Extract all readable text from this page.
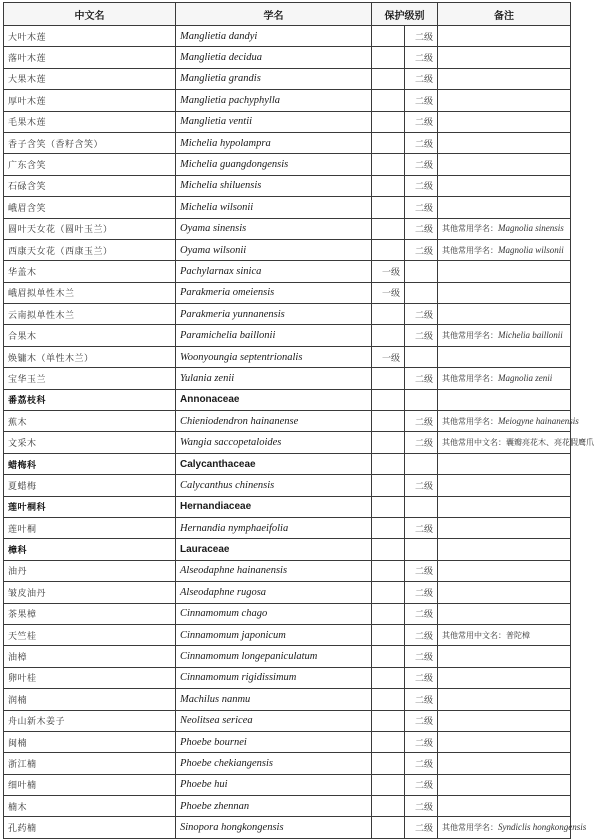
中文名	学名	保护级别		备注
大叶木莲	Manglietia dandyi		二级	
落叶木莲	Manglietia decidua		二级	
大果木莲	Manglietia grandis		二级	
厚叶木莲	Manglietia pachyphylla		二级	
毛果木莲	Manglietia ventii		二级	
香子含笑（香籽含笑）	Michelia hypolampra		二级	
广东含笑	Michelia guangdongensis		二级	
石碌含笑	Michelia shiluensis		二级	
峨眉含笑	Michelia wilsonii		二级	
圆叶天女花（圆叶玉兰）	Oyama sinensis		二级	其他常用学名：Magnolia sinensis
西康天女花（西康玉兰）	Oyama wilsonii		二级	其他常用学名：Magnolia wilsonii
华盖木	Pachylarnax sinica	一级		
峨眉拟单性木兰	Parakmeria omeiensis	一级		
云南拟单性木兰	Parakmeria yunnanensis		二级	
合果木	Paramichelia baillonii		二级	其他常用学名：Michelia baillonii
焕镛木（单性木兰）	Woonyoungia septentrionalis	一级		
宝华玉兰	Yulania zenii		二级	其他常用学名：Magnolia zenii
番荔枝科	Annonaceae			
蕉木	Chieniodendron hainanense		二级	其他常用学名：Meiogyne hainanensis
文采木	Wangia saccopetaloides		二级	其他常用中文名：囊瓣亮花木、亮花假鹰爪
蜡梅科	Calycanthaceae			
夏蜡梅	Calycanthus chinensis		二级	
莲叶桐科	Hernandiaceae			
莲叶桐	Hernandia nymphaeifolia		二级	
樟科	Lauraceae			
油丹	Alseodaphne hainanensis		二级	
皱皮油丹	Alseodaphne rugosa		二级	
茶果樟	Cinnamomum chago		二级	
天竺桂	Cinnamomum japonicum		二级	其他常用中文名：普陀樟
油樟	Cinnamomum longepaniculatum		二级	
卵叶桂	Cinnamomum rigidissimum		二级	
润楠	Machilus nanmu		二级	
舟山新木姜子	Neolitsea sericea		二级	
闽楠	Phoebe bournei		二级	
浙江楠	Phoebe chekiangensis		二级	
细叶楠	Phoebe hui		二级	
楠木	Phoebe zhennan		二级	
孔药楠	Sinopora hongkongensis		二级	其他常用学名：Syndiclis hongkongensis
